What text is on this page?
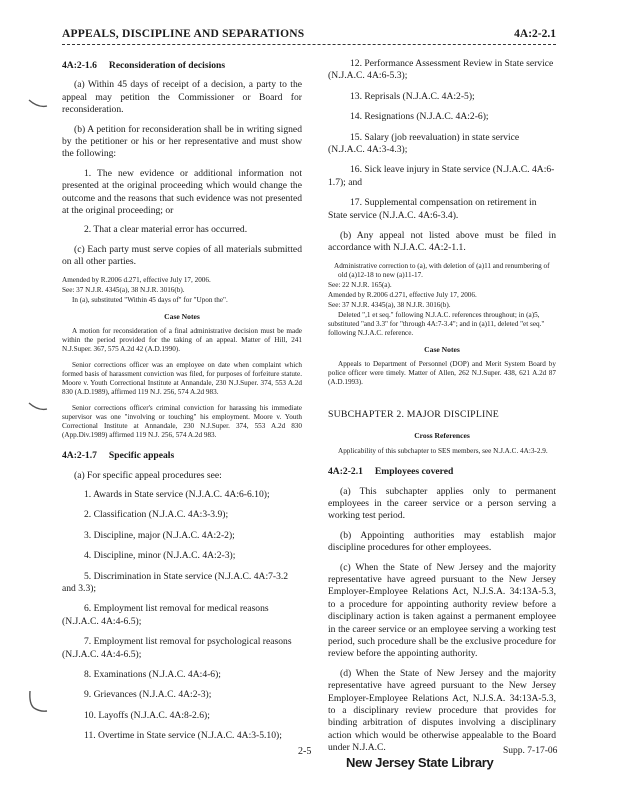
APPEALS, DISCIPLINE AND SEPARATIONS	4A:2-2.1

4A:2-1.6 Reconsideration of decisions

(a) Within 45 days of receipt of a decision, a party to the appeal may petition the Commissioner or Board for reconsideration.

(b) A petition for reconsideration shall be in writing signed by the petitioner or his or her representative and must show the following:

1. The new evidence or additional information not presented at the original proceeding which would change the outcome and the reasons that such evidence was not presented at the original proceeding; or

2. That a clear material error has occurred.

(c) Each party must serve copies of all materials submitted on all other parties.

Amended by R.2006 d.271, effective July 17, 2006.

See: 37 N.J.R. 4345(a), 38 N.J.R. 3016(b).

In (a), substituted "Within 45 days of" for "Upon the".

Case Notes

A motion for reconsideration of a final administrative decision must be made within the period provided for the taking of an appeal. Matter of Hill, 241 N.J.Super. 367, 575 A.2d 42 (A.D.1990).

Senior corrections officer was an employee on date when complaint which formed basis of harassment conviction was filed, for purposes of forfeiture statute. Moore v. Youth Correctional Institute at Annandale, 230 N.J.Super. 374, 553 A.2d 830 (A.D.1989), affirmed 119 N.J. 256, 574 A.2d 983.

Senior corrections officer's criminal conviction for harassing his immediate supervisor was one "involving or touching" his employment. Moore v. Youth Correctional Institute at Annandale, 230 N.J.Super. 374, 553 A.2d 830 (App.Div.1989) affirmed 119 N.J. 256, 574 A.2d 983.

4A:2-1.7 Specific appeals

(a) For specific appeal procedures see:

1. Awards in State service (N.J.A.C. 4A:6-6.10);

2. Classification (N.J.A.C. 4A:3-3.9);

3. Discipline, major (N.J.A.C. 4A:2-2);

4. Discipline, minor (N.J.A.C. 4A:2-3);

5. Discrimination in State service (N.J.A.C. 4A:7-3.2 and 3.3);

6. Employment list removal for medical reasons (N.J.A.C. 4A:4-6.5);

7. Employment list removal for psychological reasons (N.J.A.C. 4A:4-6.5);

8. Examinations (N.J.A.C. 4A:4-6);

9. Grievances (N.J.A.C. 4A:2-3);

10. Layoffs (N.J.A.C. 4A:8-2.6);

11. Overtime in State service (N.J.A.C. 4A:3-5.10);

12. Performance Assessment Review in State service (N.J.A.C. 4A:6-5.3);

13. Reprisals (N.J.A.C. 4A:2-5);

14. Resignations (N.J.A.C. 4A:2-6);

15. Salary (job reevaluation) in state service (N.J.A.C. 4A:3-4.3);

16. Sick leave injury in State service (N.J.A.C. 4A:6-1.7); and

17. Supplemental compensation on retirement in State service (N.J.A.C. 4A:6-3.4).

(b) Any appeal not listed above must be filed in accordance with N.J.A.C. 4A:2-1.1.

Administrative correction to (a), with deletion of (a)11 and renumbering of old (a)12-18 to new (a)11-17.

See: 22 N.J.R. 165(a).

Amended by R.2006 d.271, effective July 17, 2006.

See: 37 N.J.R. 4345(a), 38 N.J.R. 3016(b).

Deleted ",1 et seq." following N.J.A.C. references throughout; in (a)5, substituted "and 3.3" for "through 4A:7-3.4"; and in (a)11, deleted "et seq." following N.J.A.C. reference.

Case Notes

Appeals to Department of Personnel (DOP) and Merit System Board by police officer were timely. Matter of Allen, 262 N.J.Super. 438, 621 A.2d 87 (A.D.1993).

SUBCHAPTER 2. MAJOR DISCIPLINE

Cross References

Applicability of this subchapter to SES members, see N.J.A.C. 4A:3-2.9.

4A:2-2.1 Employees covered

(a) This subchapter applies only to permanent employees in the career service or a person serving a working test period.

(b) Appointing authorities may establish major discipline procedures for other employees.

(c) When the State of New Jersey and the majority representative have agreed pursuant to the New Jersey Employer-Employee Relations Act, N.J.S.A. 34:13A-5.3, to a procedure for appointing authority review before a disciplinary action is taken against a permanent employee in the career service or an employee serving a working test period, such procedure shall be the exclusive procedure for review before the appointing authority.

(d) When the State of New Jersey and the majority representative have agreed pursuant to the New Jersey Employer-Employee Relations Act, N.J.S.A. 34:13A-5.3, to a disciplinary review procedure that provides for binding arbitration of disputes involving a disciplinary action which would be otherwise appealable to the Board under N.J.A.C.

2-5	Supp. 7-17-06
New Jersey State Library
